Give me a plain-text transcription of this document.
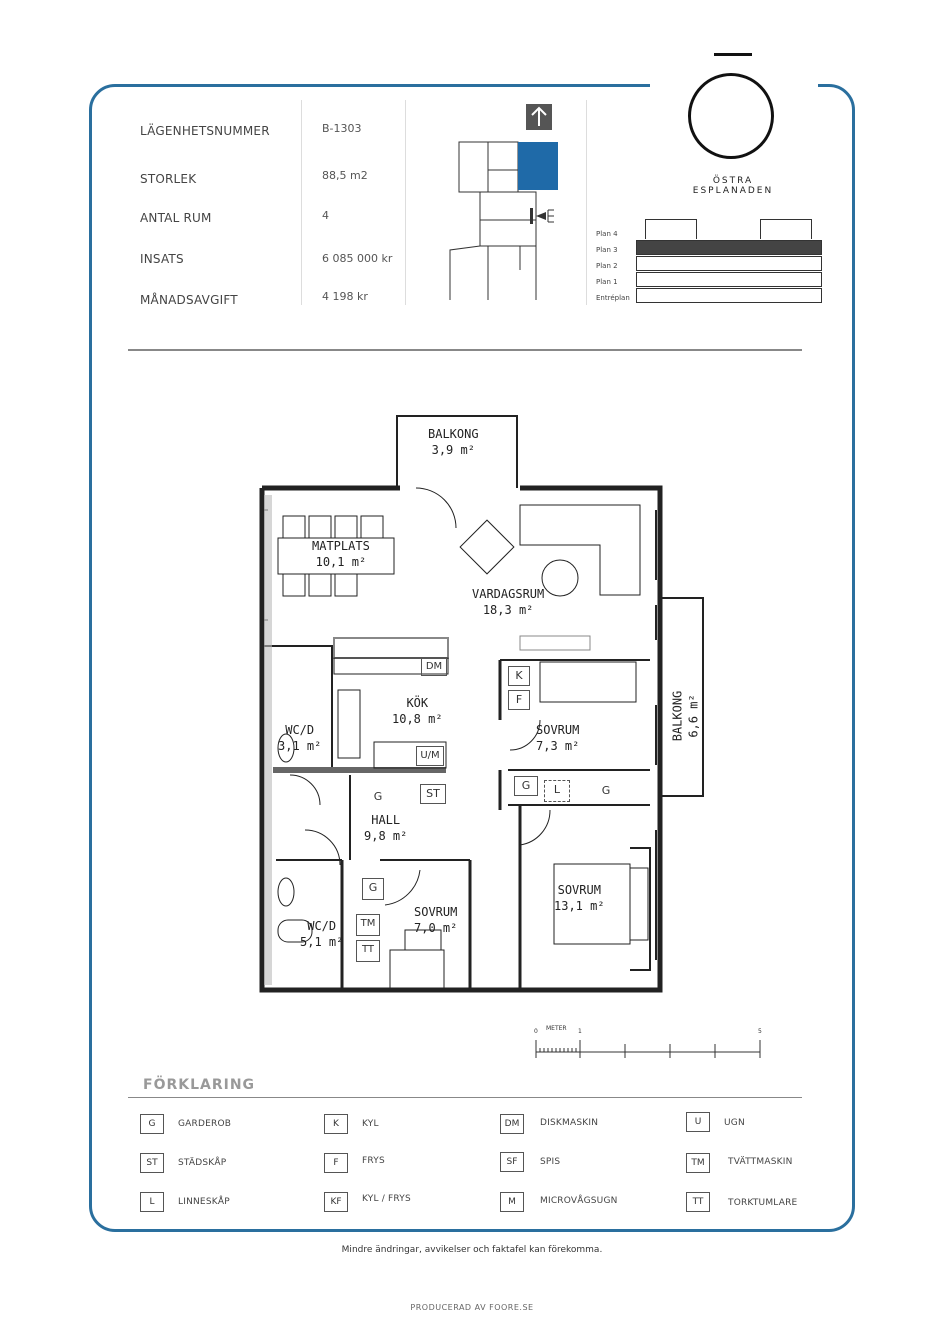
LÄGENHETSNUMMER	B-1303
STORLEK	88,5 m2
ANTAL RUM	4
INSATS	6 085 000 kr
MÅNADSAVGIFT	4 198 kr
ÖSTRA
ESPLANADEN
Plan 4
Plan 3
Plan 2
Plan 1
Entréplan
BALKONG
3,9 m²
MATPLATS
10,1 m²
VARDAGSRUM
18,3 m²
KÖK
10,8 m²
WC/D
3,1 m²
SOVRUM
7,3 m²
BALKONG 6,6 m²
HALL
9,8 m²
WC/D
5,1 m²
SOVRUM
7,0 m²
SOVRUM
13,1 m²
DM
K
F
U/M
G	ST
G	L	G
G
TM
TT
0 METER 1	5
FÖRKLARING
G	GARDEROB	K	KYL	DM	DISKMASKIN	U	UGN
ST	STÄDSKÅP	F	FRYS	SF	SPIS	TM	TVÄTTMASKIN
L	LINNESKÅP	KF	KYL / FRYS	M	MICROVÅGSUGN	TT	TORKTUMLARE
Mindre ändringar, avvikelser och faktafel kan förekomma.
PRODUCERAD AV FOORE.SE
